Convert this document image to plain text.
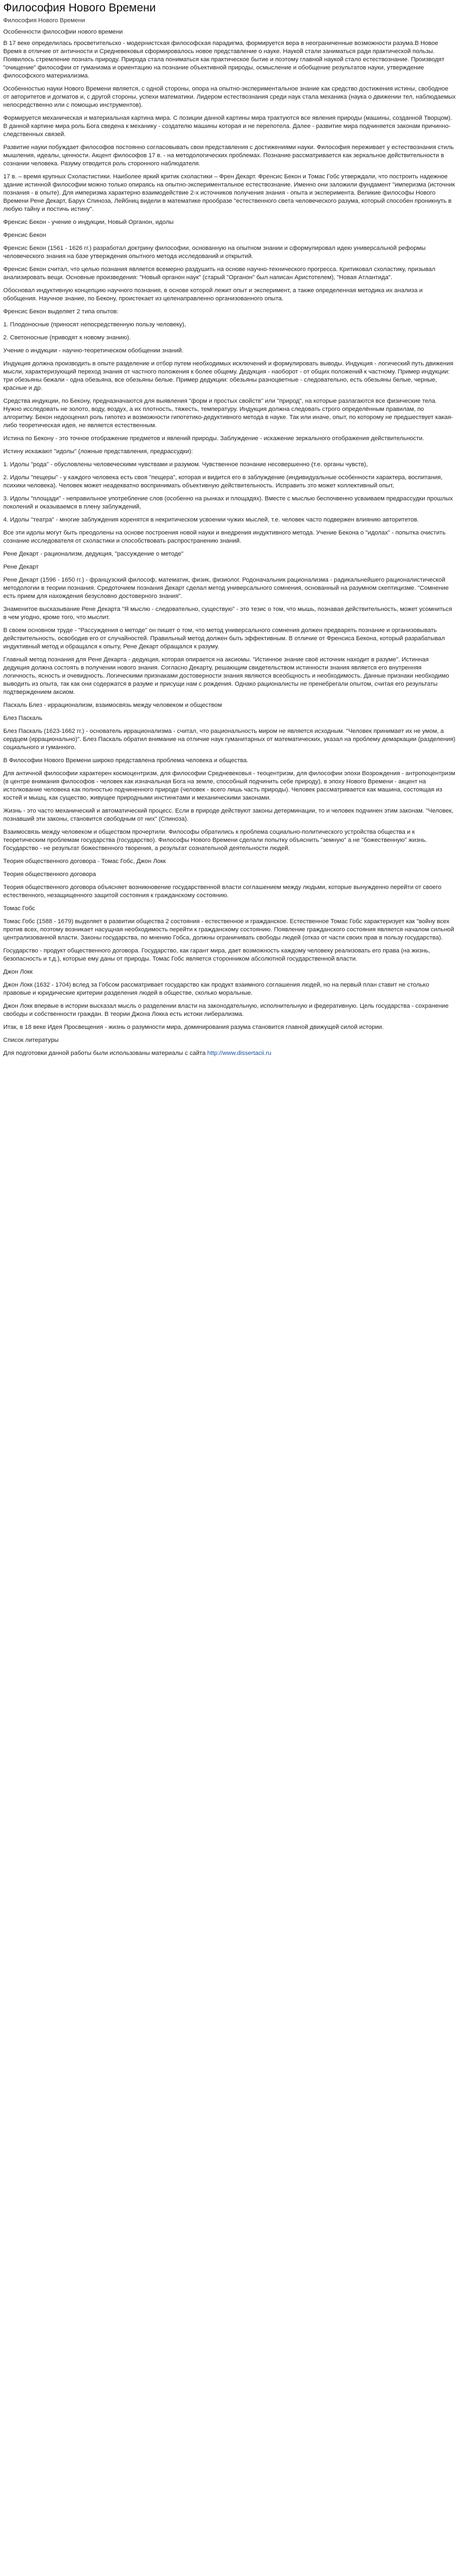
Философия Нового Времени
Философия Нового Времени
Особенности философии нового времени
В 17 веке определилась просветительско - модернистская философская парадигма, формируется вера в неограниченные возможности разума.В Новое Время в отличие от античности и Средневековья сформировалось новое представление о науке. Наукой стали заниматься ради практической пользы. Появилось стремление познать природу. Природа стала пониматься как практическое бытие и поэтому главной наукой стало естествознание. Производят "очищение" философии от гуманизма и ориентацию на познание объективной природы, осмысление и обобщение результатов науки, утверждение философского материализма.
Особенностью науки Нового Времени является, с одной стороны, опора на опытно-экспериментальное знание как средство достижения истины, свободное от авторитетов и догматов и, с другой стороны, успехи математики. Лидером естествознания среди наук стала механика (наука о движении тел, наблюдаемых непосредственно или с помощью инструментов).
Формируется механическая и материальная картина мира. С позиции данной картины мира трактуются все явления природы (машины, созданной Творцом). В данной картине мира роль Бога сведена к механику - создателю машины которая и не перепотела. Далее - развитие мира подчиняется законам причинно-следственных связей.
Развитие науки побуждает философов постоянно согласовывать свои представления с достижениями науки. Философия переживает у естествознания стиль мышления, идеалы, ценности. Акцент философов 17 в. - на методологических проблемах. Познание рассматривается как зеркальное действительности в сознании человека. Разуму отводится роль сторонного наблюдателя.
17 в. – время крупных Схоластистики. Наиболее яркий критик схоластики – Френ Декарт. Френсис Бекон и Томас Гобс утверждали, что построить надежное здание истинной философии можно только опираясь на опытно-экспериментальное естествознание. Именно они заложили фундамент "империзма (источник познания - в опыте). Для империзма характерно взаимодействие 2-х источников получения знания - опыта и эксперимента. Великие философы Нового Времени Рене Декарт, Барух Спиноза, Лейбниц видели в математике прообразе "естественного света человеческого разума, который способен проникнуть в любую тайну и постичь истину".
Френсис Бекон - учение о индукции, Новый Органон, идолы
Френсис Бекон
Френсис Бекон (1561 - 1626 гг.) разработал доктрину философии, основанную на опытном знании и сформулировал идею универсальной реформы человеческого знания на базе утверждения опытного метода исследований и открытий.
Френсис Бекон считал, что целью познания является всемерно раздушить на основе научно-технического прогресса. Критиковал схоластику, призывал анализировать вещи. Основные произведения: "Новый органон наук" (старый "Органон" был написан Аристотелем), "Новая Атлантида".
Обосновал индуктивную концепцию научного познания, в основе которой лежит опыт и эксперимент, а также определенная методика их анализа и обобщения. Научное знание, по Бекону, проистекает из целенаправленно организованного опыта.
Френсис Бекон выделяет 2 типа опытов:
1. Плодоносные (приносят непосредственную пользу человеку),
2. Светоносные (приводят к новому знанию).
Учение о индукции - научно-теоретическом обобщении знаний.
Индукция должна производить в опыте разделение и отбор путем необходимых исключений и формулировать выводы. Индукция - логический путь движения мысли, характеризующий переход знания от частного положения к более общему. Дедукция - наоборот - от общих положений к частному. Пример индукции: три обезьяны бежали - одна обезьяна, все обезьяны белые. Пример дедукции: обезьяны разноцветные - следовательно, есть обезьяны белые, черные, красные и др.
Средства индукции, по Бекону, предназначаются для выявления "форм и простых свойств" или "природ", на которые разлагаются все физические тела. Нужно исследовать не золото, воду, воздух, а их плотность, тяжесть, температуру. Индукция должна следовать строго определённым правилам, по алгоритму. Бекон недооценил роль гипотез и возможности гипотетико-дедуктивного метода в науке. Так или иначе, опыт, по которому не предшествует какая-либо теоретическая идея, не является естественным.
Истина по Бекону - это точное отображение предметов и явлений природы. Заблуждение - искажение зеркального отображения действительности.
Истину искажают "идолы" (ложные представления, предрассудки):
1. Идолы "рода" - обусловлены человеческими чувствами и разумом. Чувственное познание несовершенно (т.е. органы чувств),
2. Идолы "пещеры" - у каждого человека есть своя "пещера", которая и видится его в заблуждение (индивидуальные особенности характера, воспитания, психики человека). Человек может неадекватно воспринимать объективную действительность. Исправить это может коллективный опыт,
3. Идолы "площади" - неправильное употребление слов (особенно на рынках и площадях). Вместе с мыслью беспочвенно усваиваем предрассудки прошлых поколений и оказываемся в плену заблуждений,
4. Идолы "театра" - многие заблуждения коренятся в некритическом усвоении чужих мыслей, т.е. человек часто подвержен влиянию авторитетов.
Все эти идолы могут быть преодолены на основе построения новой науки и внедрения индуктивного метода. Учение Бекона о "идолах" - попытка очистить сознание исследователя от схоластики и способствовать распространению знаний.
Рене Декарт - рационализм, дедукция, "рассуждение о методе"
Рене Декарт
Рене Декарт (1596 - 1650 гг.) - французский философ, математик, физик, физиолог. Родоначальник рационализма - радикальнейшего рационалистической методологии в теории познания. Средоточием познания Декарт сделал метод универсального сомнения, основанный на разумном скептицизме. "Сомнение есть прием для нахождения безусловно достоверного знания".
Знаменитое высказывание Рене Декарта "Я мыслю - следовательно, существую" - это тезис о том, что мышь, познавая действительность, может усомниться в чем угодно, кроме того, что мыслит.
В своем основном труде - "Рассуждения о методе" он пишет о том, что метод универсального сомнения должен предварять познание и организовывать действительность, освободив его от случайностей. Правильный метод должен быть эффективным. В отличие от Френсиса Бекона, который разрабатывал индуктивный метод и обращался к опыту, Рене Декарт обращался к разуму.
Главный метод познания для Рене Декарта - дедукция, которая опирается на аксиомы. "Истинное знание своё источник находит в разуме". Истинная дедукция должна состоять в получении нового знания. Согласно Декарту, решающим свидетельством истинности знания является его внутренняя логичность, ясность и очевидность. Логическими признаками достоверности знания являются всеобщность и необходимость. Данные признаки необходимо выводить из опыта, так как они содержатся в разуме и присущи нам с рождения. Однако рационалисты не пренебрегали опытом, считая его результаты подтверждением аксиом.
Паскаль Блез - иррационализм, взаимосвязь между человеком и обществом
Блез Паскаль
Блез Паскаль (1623-1662 гг.) - основатель иррационализма - считал, что рациональность миром не является исходным. "Человек принимает их не умом, а сердцем (иррационально)". Блез Паскаль обратил внимание на отличие наук гуманитарных от математических, указал на проблему демаркации (разделения) социального и гуманного.
В Философии Нового Времени широко представлена проблема человека и общества.
Для античной философии характерен космоцентризм, для философии Средневековья - теоцентризм, для философии эпохи Возрождения - антропоцентризм (в центре внимания философов - человек как изначальная Бога на земле, способный подчинить себе природу), в эпоху Нового Времени - акцент на истолкование человека как полностью подчиненного природе (человек - всего лишь часть природы). Человек рассматривается как машина, состоящая из костей и мышц, как существо, живущее природными инстинктами и механическими законами.
Жизнь - это часто механический и автоматический процесс. Если в природе действуют законы детерминации, то и человек подчинен этим законам. "Человек, познавший эти законы, становится свободным от них" (Спиноза).
Взаимосвязь между человеком и обществом прочертили. Философы обратились к проблема социально-политического устройства общества и к теоретическим проблемам государства (государство). Философы Нового Времени сделали попытку объяснить "земную" а не "божественную" жизнь. Государство - не результат божественного творения, а результат сознательной деятельности людей.
Теория общественного договора - Томас Гобс, Джон Локк
Теория общественного договора
Теория общественного договора объясняет возникновение государственной власти соглашением между людьми, которые вынужденно перейти от своего естественного, незащищенного защитой состояния к гражданскому состоянию.
Томас Гобс
Томас Гобс (1588 - 1679) выделяет в развитии общества 2 состояния - естественное и гражданское. Естественное Томас Гобс характеризует как "войну всех против всех, поэтому возникает насущная необходимость перейти к гражданскому состоянию. Появление гражданского состояния является началом сильной централизованной власти. Законы государства, по мнению Гобса, должны ограничивать свободы людей (отказ от части своих прав в пользу государства).
Государство - продукт общественного договора. Государство, как гарант мира, дает возможность каждому человеку реализовать его права (на жизнь, безопасность и т.д.), которые ему даны от природы. Томас Гобс является сторонником абсолютной государственной власти.
Джон Локк
Джон Локк (1632 - 1704) вслед за Гобсом рассматривает государство как продукт взаимного соглашения людей, но на первый план ставит не столько правовые и юридические критерии разделения людей в обществе, сколько моральные.
Джон Локк впервые в истории высказал мысль о разделении власти на законодательную, исполнительную и федеративную. Цель государства - сохранение свободы и собственности граждан. В теории Джона Локка есть истоки либерализма.
Итак, в 18 веке Идея Просвещения - жизнь о разумности мира, доминирования разума становится главной движущей силой истории.
Список литературы
Для подготовки данной работы были использованы материалы с сайта http://www.dissertacii.ru
